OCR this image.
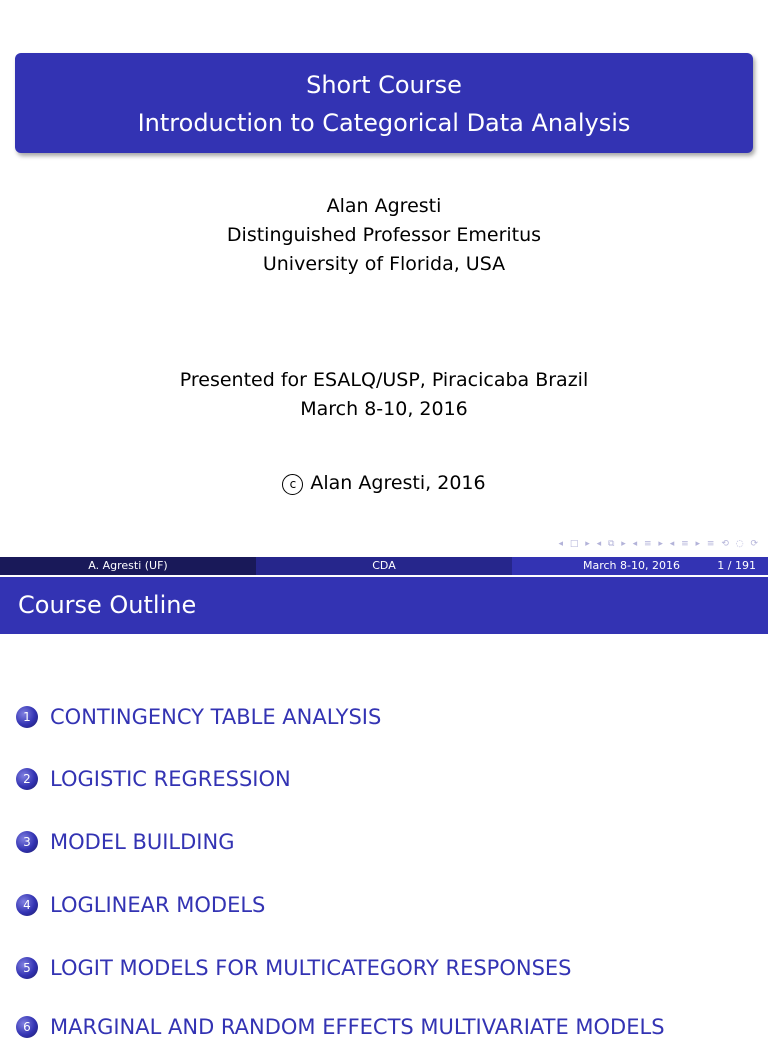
Short Course
Introduction to Categorical Data Analysis
Alan Agresti
Distinguished Professor Emeritus
University of Florida, USA
Presented for ESALQ/USP, Piracicaba Brazil
March 8-10, 2016
c Alan Agresti, 2016
◂ □ ▸ ◂ ⧉ ▸ ◂ ≡ ▸ ◂ ≡ ▸ ≡ ⟲ ◌ ⟳
A. Agresti (UF)	CDA	March 8-10, 2016	1 / 191
Course Outline
1 CONTINGENCY TABLE ANALYSIS
2 LOGISTIC REGRESSION
3 MODEL BUILDING
4 LOGLINEAR MODELS
5 LOGIT MODELS FOR MULTICATEGORY RESPONSES
6 MARGINAL AND RANDOM EFFECTS MULTIVARIATE MODELS
